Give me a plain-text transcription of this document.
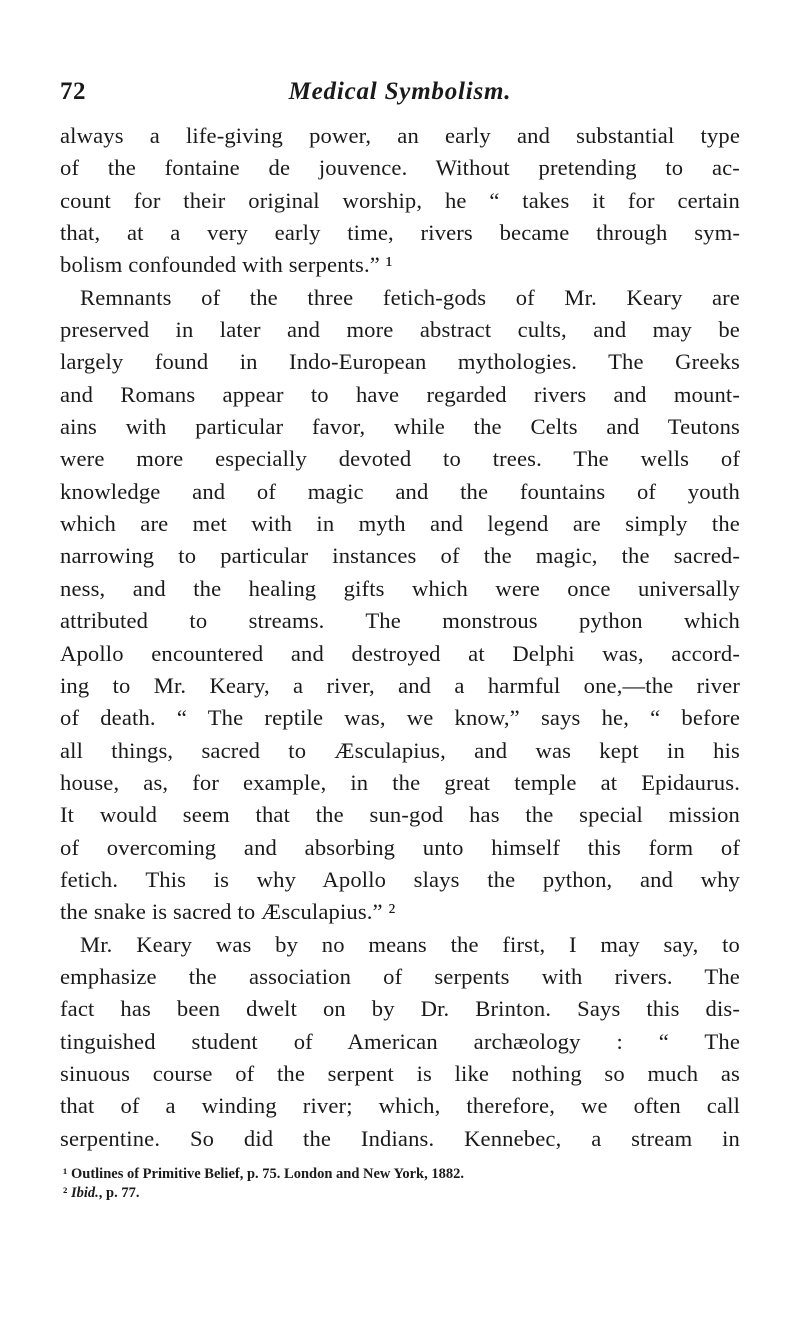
72	Medical Symbolism.
always a life-giving power, an early and substantial type
of the fontaine de jouvence. Without pretending to ac-
count for their original worship, he “ takes it for certain
that, at a very early time, rivers became through sym-
bolism confounded with serpents.” ¹
Remnants of the three fetich-gods of Mr. Keary are
preserved in later and more abstract cults, and may be
largely found in Indo-European mythologies. The Greeks
and Romans appear to have regarded rivers and mount-
ains with particular favor, while the Celts and Teutons
were more especially devoted to trees. The wells of
knowledge and of magic and the fountains of youth
which are met with in myth and legend are simply the
narrowing to particular instances of the magic, the sacred-
ness, and the healing gifts which were once universally
attributed to streams. The monstrous python which
Apollo encountered and destroyed at Delphi was, accord-
ing to Mr. Keary, a river, and a harmful one,—the river
of death. “ The reptile was, we know,” says he, “ before
all things, sacred to Æsculapius, and was kept in his
house, as, for example, in the great temple at Epidaurus.
It would seem that the sun-god has the special mission
of overcoming and absorbing unto himself this form of
fetich. This is why Apollo slays the python, and why
the snake is sacred to Æsculapius.” ²
Mr. Keary was by no means the first, I may say, to
emphasize the association of serpents with rivers. The
fact has been dwelt on by Dr. Brinton. Says this dis-
tinguished student of American archæology : “ The
sinuous course of the serpent is like nothing so much as
that of a winding river; which, therefore, we often call
serpentine. So did the Indians. Kennebec, a stream in
¹ Outlines of Primitive Belief, p. 75. London and New York, 1882.
² Ibid., p. 77.
